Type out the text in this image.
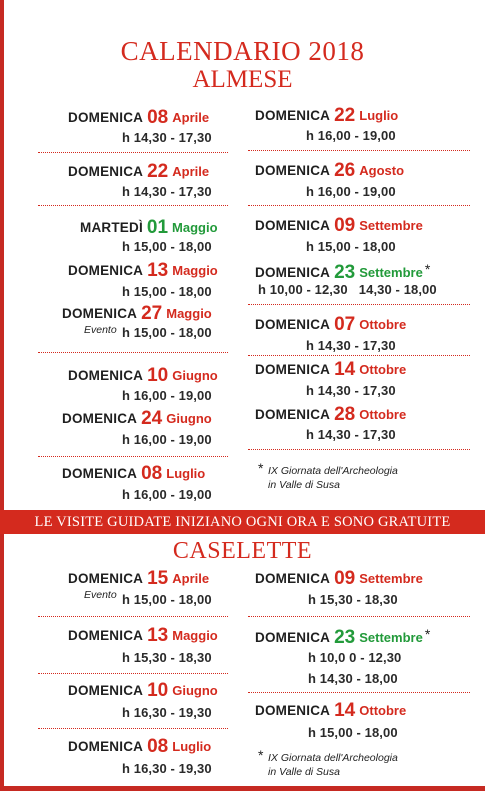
CALENDARIO 2018
ALMESE
DOMENICA 08 Aprile
h 14,30 - 17,30
DOMENICA 22 Aprile
h 14,30 - 17,30
MARTEDÌ 01 Maggio
h 15,00 - 18,00
DOMENICA 13 Maggio
h 15,00 - 18,00
DOMENICA 27 Maggio
Evento h 15,00 - 18,00
DOMENICA 10 Giugno
h 16,00 - 19,00
DOMENICA 24 Giugno
h 16,00 - 19,00
DOMENICA 08 Luglio
h 16,00 - 19,00
DOMENICA 22 Luglio
h 16,00 - 19,00
DOMENICA 26 Agosto
h 16,00 - 19,00
DOMENICA 09 Settembre
h 15,00 - 18,00
DOMENICA 23 Settembre *
h 10,00 - 12,30   14,30 - 18,00
DOMENICA 07 Ottobre
h 14,30 - 17,30
DOMENICA 14 Ottobre
h 14,30 - 17,30
DOMENICA 28 Ottobre
h 14,30 - 17,30
* IX Giornata dell'Archeologia
in Valle di Susa
LE VISITE GUIDATE INIZIANO OGNI ORA E SONO GRATUITE
CASELETTE
DOMENICA 15 Aprile
Evento h 15,00 - 18,00
DOMENICA 13 Maggio
h 15,30 - 18,30
DOMENICA 10 Giugno
h 16,30 - 19,30
DOMENICA 08 Luglio
h 16,30 - 19,30
DOMENICA 09 Settembre
h 15,30 - 18,30
DOMENICA 23 Settembre *
h 10,0 0 - 12,30
h 14,30 - 18,00
DOMENICA 14 Ottobre
h 15,00 - 18,00
* IX Giornata dell'Archeologia
in Valle di Susa
